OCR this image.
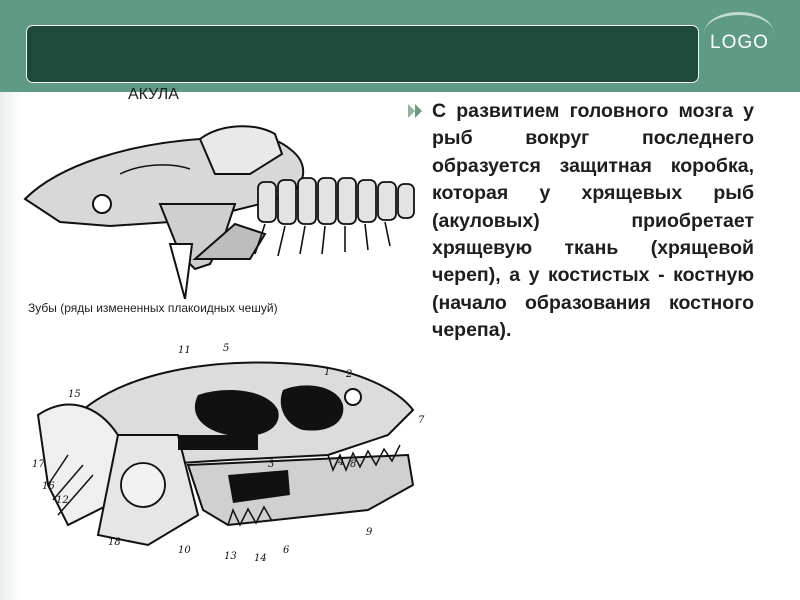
LOGO
АКУЛА
Зубы (ряды измененных плакоидных чешуй)
11	5
1 2
15
7
17	4
3	8
16
12
9
18
10
13 14
6

С развитием головного мозга у рыб вокруг последнего образуется защитная коробка, которая у хрящевых рыб (акуловых) приобретает хрящевую ткань (хрящевой череп), а у костистых - костную (начало образования костного черепа).
